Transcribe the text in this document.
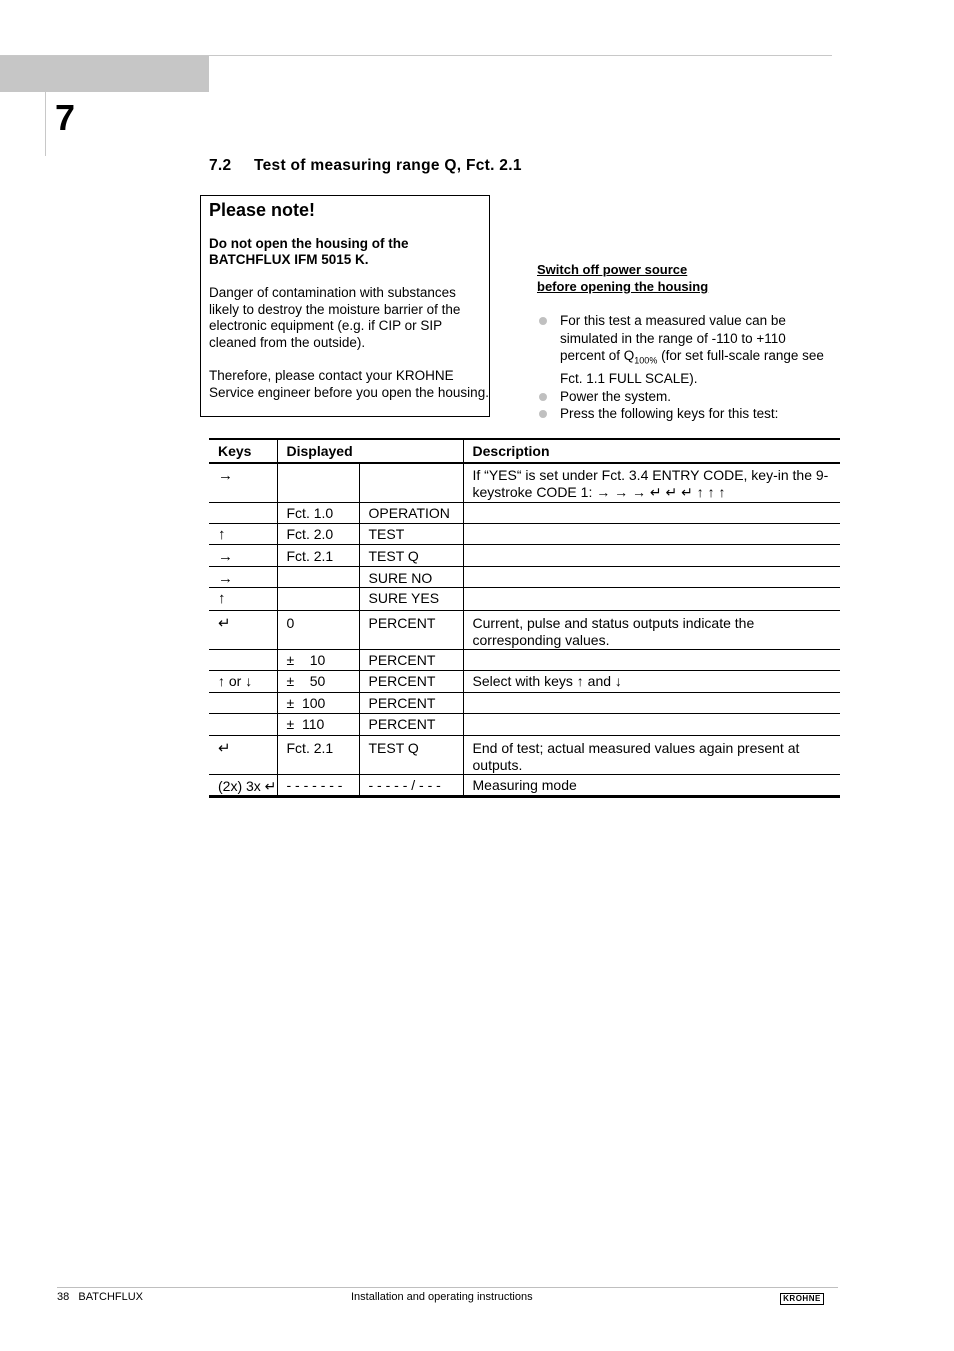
7
7.2 Test of measuring range Q, Fct. 2.1
Please note!
Do not open the housing of the
BATCHFLUX IFM 5015 K.
Danger of contamination with substances likely to destroy the moisture barrier of the electronic equipment (e.g. if CIP or SIP cleaned from the outside).
Therefore, please contact your KROHNE Service engineer before you open the housing.
Switch off power source
before opening the housing
For this test a measured value can be simulated in the range of -110 to +110 percent of $Q_{100\%}$ (for set full-scale range see Fct. 1.1 FULL SCALE).
Power the system.
Press the following keys for this test:
Keys	Displayed		Description
→			If “YES“ is set under Fct. 3.4 ENTRY CODE, key-in the 9-keystroke CODE 1: → → → ↵ ↵ ↵ ↑ ↑ ↑
	Fct. 1.0	OPERATION	
↑	Fct. 2.0	TEST	
→	Fct. 2.1	TEST Q	
→		SURE NO	
↑		SURE YES	
↵	0	PERCENT	Current, pulse and status outputs indicate the corresponding values.
	±    10	PERCENT	
↑ or ↓	±    50	PERCENT	Select with keys ↑ and ↓
	±  100	PERCENT	
	±  110	PERCENT	
↵	Fct. 2.1	TEST Q	End of test; actual measured values again present at outputs.
(2x) 3x ↵	- - - - - - -	- - - - - / - - -	Measuring mode
38 BATCHFLUX	Installation and operating instructions	KROHNE
